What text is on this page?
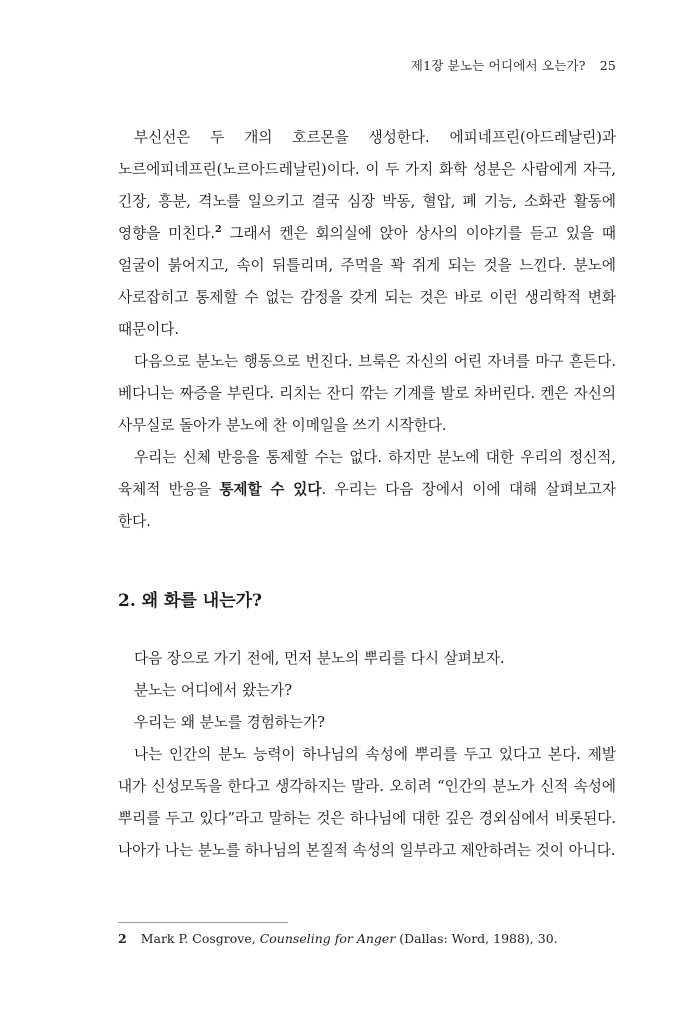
제1장 분노는 어디에서 오는가? 25

부신선은 두 개의 호르몬을 생성한다. 에피네프린(아드레날린)과 노르에피네프린(노르아드레날린)이다. 이 두 가지 화학 성분은 사람에게 자극, 긴장, 흥분, 격노를 일으키고 결국 심장 박동, 혈압, 폐 기능, 소화관 활동에 영향을 미친다.$^2$ 그래서 켄은 회의실에 앉아 상사의 이야기를 듣고 있을 때 얼굴이 붉어지고, 속이 뒤틀리며, 주먹을 꽉 쥐게 되는 것을 느낀다. 분노에 사로잡히고 통제할 수 없는 감정을 갖게 되는 것은 바로 이런 생리학적 변화 때문이다.

다음으로 분노는 행동으로 번진다. 브룩은 자신의 어린 자녀를 마구 흔든다. 베다니는 짜증을 부린다. 리치는 잔디 깎는 기계를 발로 차버린다. 켄은 자신의 사무실로 돌아가 분노에 찬 이메일을 쓰기 시작한다.

우리는 신체 반응을 통제할 수는 없다. 하지만 분노에 대한 우리의 정신적, 육체적 반응을 통제할 수 있다. 우리는 다음 장에서 이에 대해 살펴보고자 한다.

2. 왜 화를 내는가?

다음 장으로 가기 전에, 먼저 분노의 뿌리를 다시 살펴보자.

분노는 어디에서 왔는가?

우리는 왜 분노를 경험하는가?

나는 인간의 분노 능력이 하나님의 속성에 뿌리를 두고 있다고 본다. 제발 내가 신성모독을 한다고 생각하지는 말라. 오히려 “인간의 분노가 신적 속성에 뿌리를 두고 있다”라고 말하는 것은 하나님에 대한 깊은 경외심에서 비롯된다. 나아가 나는 분노를 하나님의 본질적 속성의 일부라고 제안하려는 것이 아니다.

2 Mark P. Cosgrove, Counseling for Anger (Dallas: Word, 1988), 30.
